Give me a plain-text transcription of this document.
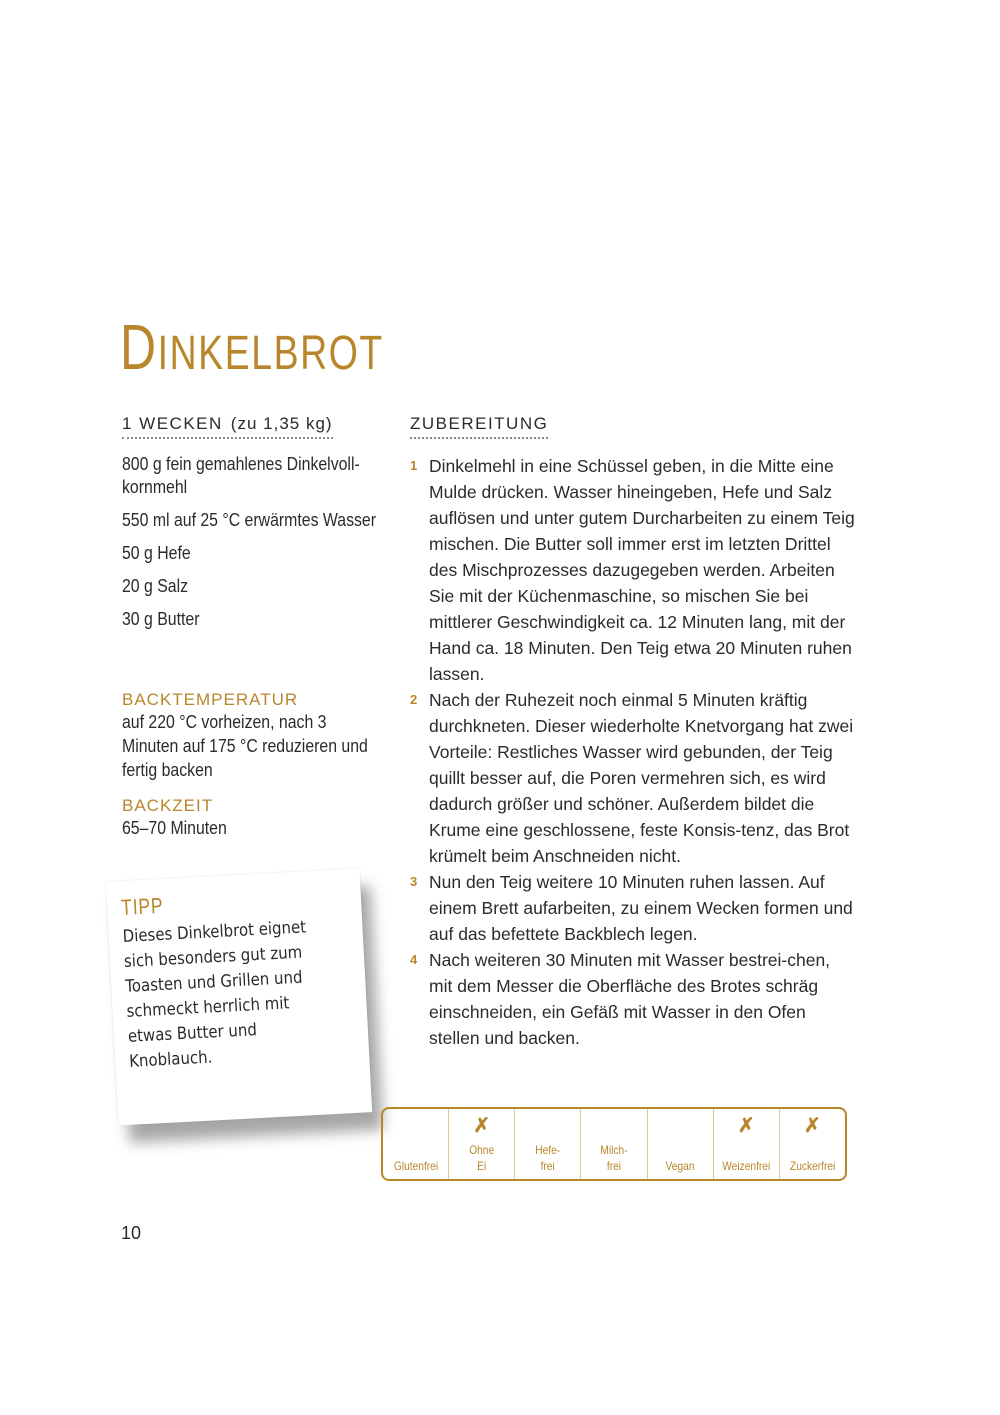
DINKELBROT
1 WECKEN (zu 1,35 kg)
800 g fein gemahlenes Dinkelvoll-
kornmehl
550 ml auf 25 °C erwärmtes Wasser
50 g Hefe
20 g Salz
30 g Butter
BACKTEMPERATUR
auf 220 °C vorheizen, nach 3 Minuten auf 175 °C reduzieren und fertig backen
BACKZEIT
65–70 Minuten
TIPP
Dieses Dinkelbrot eignet sich besonders gut zum Toasten und Grillen und schmeckt herrlich mit etwas Butter und Knoblauch.
ZUBEREITUNG
1 Dinkelmehl in eine Schüssel geben, in die Mitte eine Mulde drücken. Wasser hineingeben, Hefe und Salz auflösen und unter gutem Durcharbeiten zu einem Teig mischen. Die Butter soll immer erst im letzten Drittel des Mischprozesses dazugegeben werden. Arbeiten Sie mit der Küchenmaschine, so mischen Sie bei mittlerer Geschwindigkeit ca. 12 Minuten lang, mit der Hand ca. 18 Minuten. Den Teig etwa 20 Minuten ruhen lassen.
2 Nach der Ruhezeit noch einmal 5 Minuten kräftig durchkneten. Dieser wiederholte Knetvorgang hat zwei Vorteile: Restliches Wasser wird gebunden, der Teig quillt besser auf, die Poren vermehren sich, es wird dadurch größer und schöner. Außerdem bildet die Krume eine geschlossene, feste Konsis-tenz, das Brot krümelt beim Anschneiden nicht.
3 Nun den Teig weitere 10 Minuten ruhen lassen. Auf einem Brett aufarbeiten, zu einem Wecken formen und auf das befettete Backblech legen.
4 Nach weiteren 30 Minuten mit Wasser bestrei-chen, mit dem Messer die Oberfläche des Brotes schräg einschneiden, ein Gefäß mit Wasser in den Ofen stellen und backen.
Glutenfrei
✗
Ohne
Ei
Hefe-
frei
Milch-
frei	Vegan
✗
Weizenfrei
✗
Zuckerfrei
10
